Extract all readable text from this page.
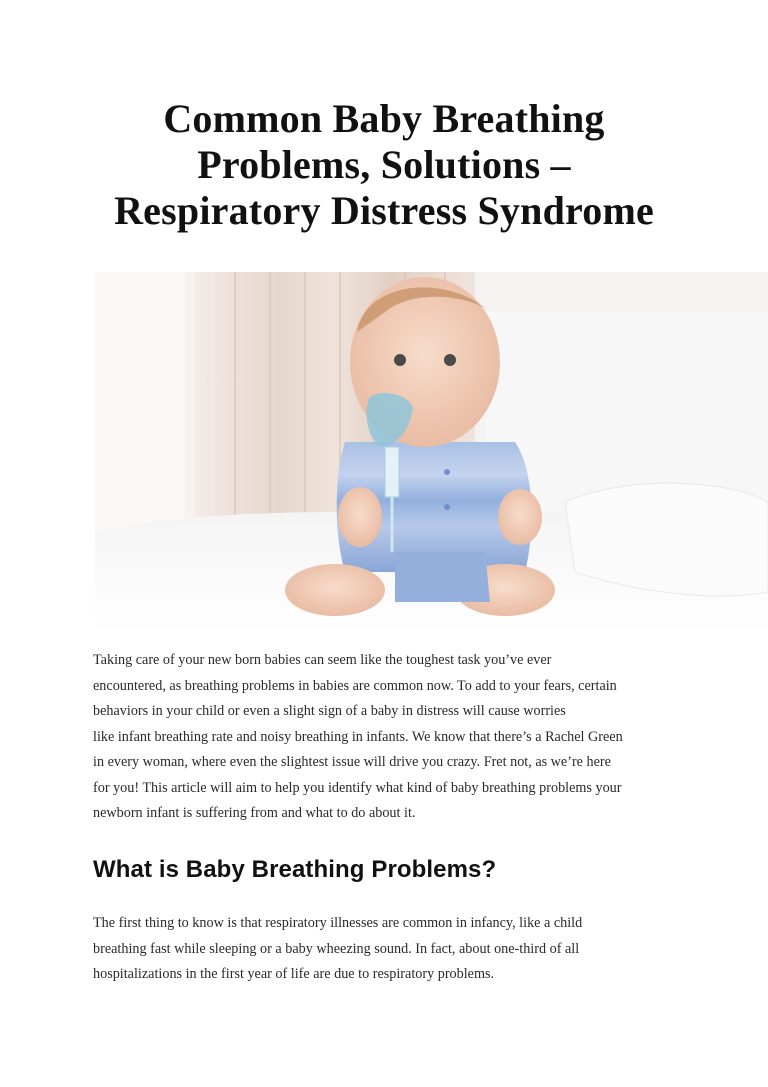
Common Baby Breathing
Problems, Solutions –
Respiratory Distress Syndrome

Taking care of your new born babies can seem like the toughest task you’ve ever
encountered, as breathing problems in babies are common now. To add to your fears, certain
behaviors in your child or even a slight sign of a baby in distress will cause worries
like infant breathing rate and noisy breathing in infants. We know that there’s a Rachel Green
in every woman, where even the slightest issue will drive you crazy. Fret not, as we’re here
for you! This article will aim to help you identify what kind of baby breathing problems your
newborn infant is suffering from and what to do about it.

What is Baby Breathing Problems?

The first thing to know is that respiratory illnesses are common in infancy, like a child
breathing fast while sleeping or a baby wheezing sound. In fact, about one-third of all
hospitalizations in the first year of life are due to respiratory problems.
